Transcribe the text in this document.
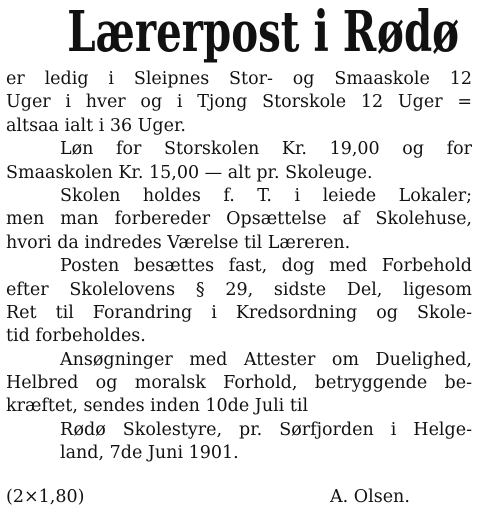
Lærerpost i Rødø
er ledig i Sleipnes Stor- og Smaaskole 12
Uger i hver og i Tjong Storskole 12 Uger =
altsaa ialt i 36 Uger.
Løn for Storskolen Kr. 19,00 og for
Smaaskolen Kr. 15,00 — alt pr. Skoleuge.
Skolen holdes f. T. i leiede Lokaler;
men man forbereder Opsættelse af Skolehuse,
hvori da indredes Værelse til Læreren.
Posten besættes fast, dog med Forbehold
efter Skolelovens § 29, sidste Del, ligesom
Ret til Forandring i Kredsordning og Skole-
tid forbeholdes.
Ansøgninger med Attester om Duelighed,
Helbred og moralsk Forhold, betryggende be-
kræftet, sendes inden 10de Juli til
Rødø Skolestyre, pr. Sørfjorden i Helge-
land, 7de Juni 1901.
(2×1,80)	A. Olsen.
